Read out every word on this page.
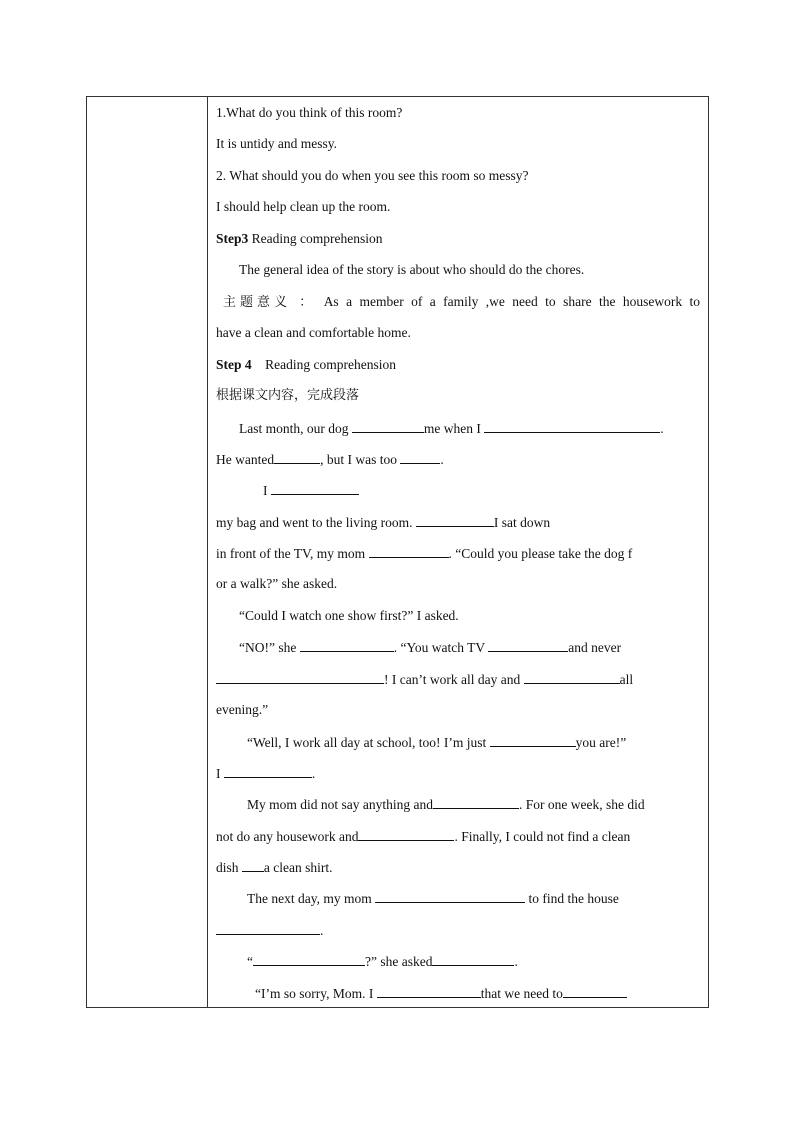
1.What do you think of this room?
It is untidy and messy.
2. What should you do when you see this room so messy?
I should help clean up the room.
Step3 Reading comprehension
The general idea of the story is about who should do the chores.
主题意义 ： As a member of a family ,we need to share the housework to
have a clean and comfortable home.
Step 4 Reading comprehension
根据课文内容，完成段落
Last month, our dog	me when I	.
He wanted	, but I was too	.
I
my bag and went to the living room.	I sat down
in front of the TV, my mom	. “Could you please take the dog f
or a walk?” she asked.
“Could I watch one show first?” I asked.
“NO!” she	. “You watch TV	and never
! I can’t work all day and	all
evening.”
“Well, I work all day at school, too! I’m just	you are!”
I	.
My mom did not say anything and	. For one week, she did
not do any housework and	. Finally, I could not find a clean
dish a clean shirt.
The next day, my mom	to find the house
.
“	?” she asked	.
“I’m so sorry, Mom. I	that we need to
